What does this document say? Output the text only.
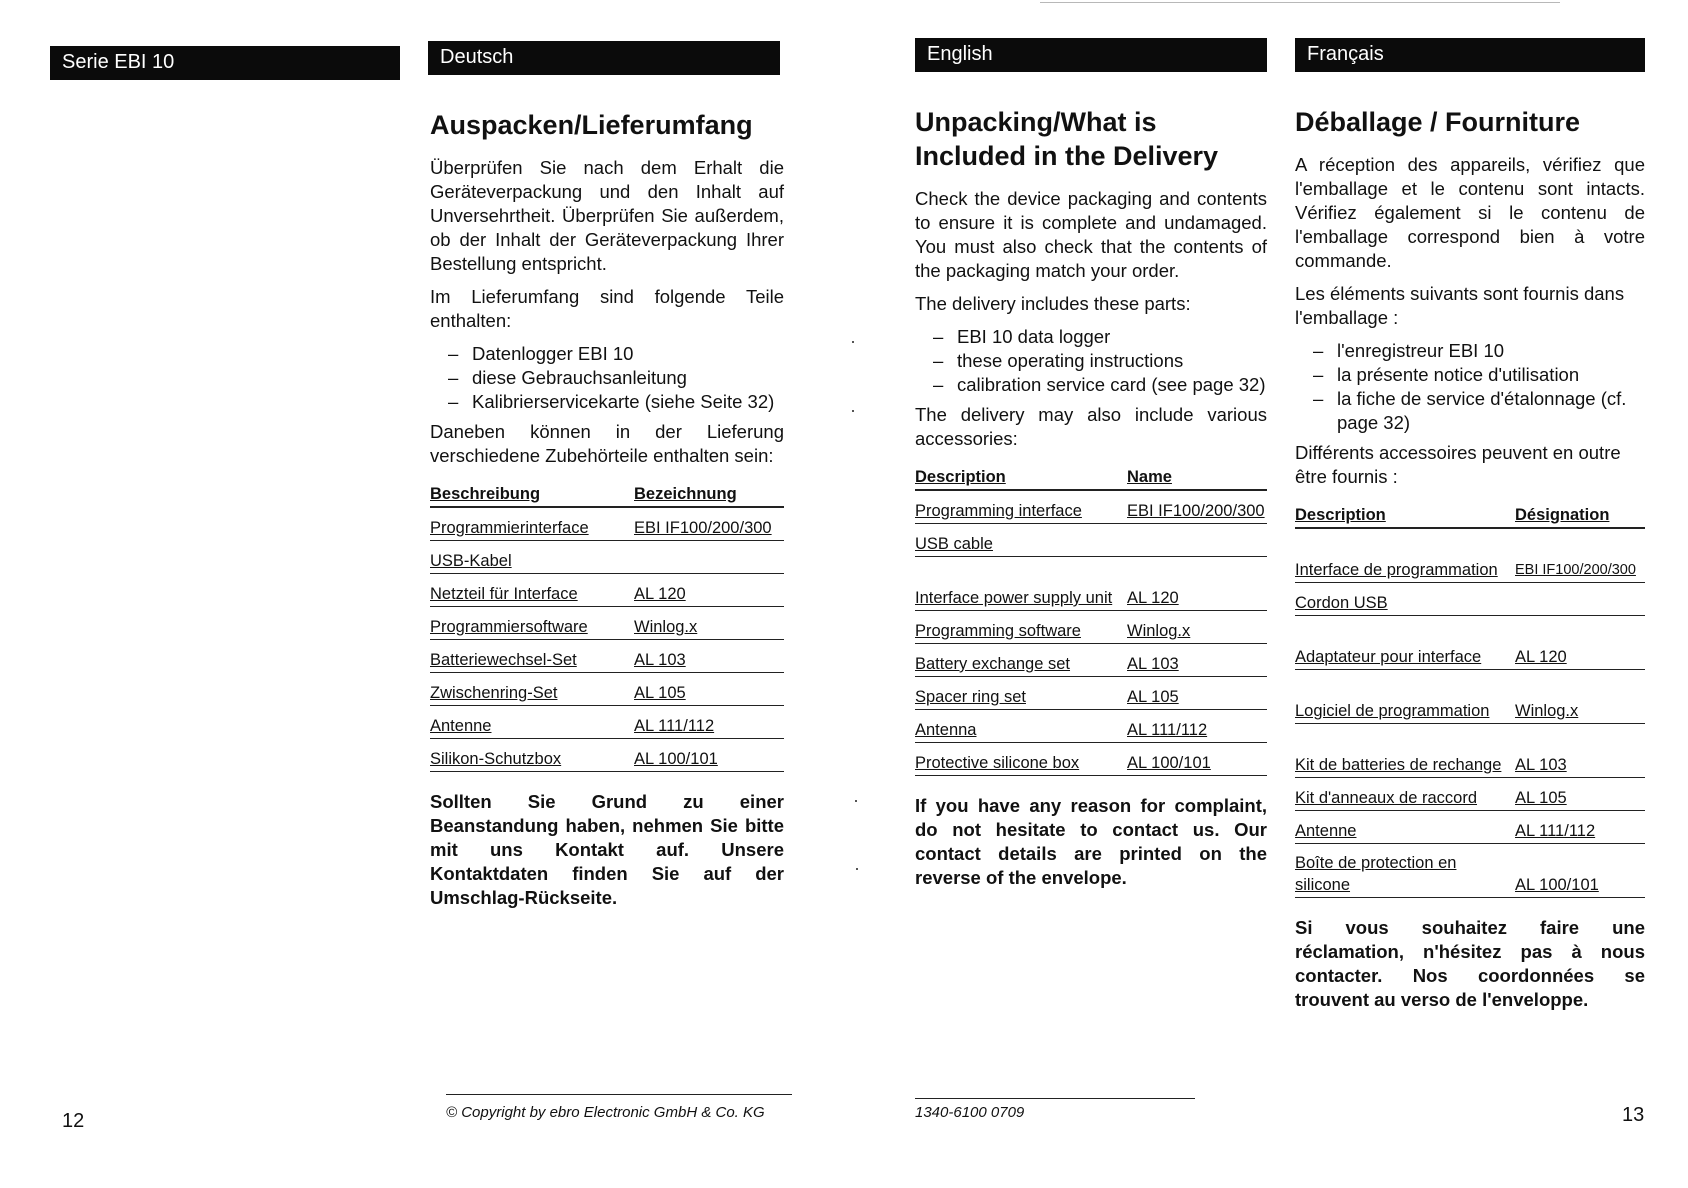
Serie EBI 10	Deutsch
Auspacken/Lieferumfang

Überprüfen Sie nach dem Erhalt die Geräteverpackung und den Inhalt auf Unversehrtheit. Überprüfen Sie außerdem, ob der Inhalt der Geräteverpackung Ihrer Bestellung entspricht.

Im Lieferumfang sind folgende Teile enthalten:

– Datenlogger EBI 10
– diese Gebrauchsanleitung
– Kalibrierservicekarte (siehe Seite 32)

Daneben können in der Lieferung verschiedene Zubehörteile enthalten sein:

Beschreibung	Bezeichnung
Programmierinterface	EBI IF100/200/300
USB-Kabel
Netzteil für Interface	AL 120
Programmiersoftware	Winlog.x
Batteriewechsel-Set	AL 103
Zwischenring-Set	AL 105
Antenne	AL 111/112
Silikon-Schutzbox	AL 100/101

Sollten Sie Grund zu einer Beanstandung haben, nehmen Sie bitte mit uns Kontakt auf. Unsere Kontaktdaten finden Sie auf der Umschlag-Rückseite.

© Copyright by ebro Electronic GmbH & Co. KG
12
English
Unpacking/What is Included in the Delivery

Check the device packaging and contents to ensure it is complete and undamaged. You must also check that the contents of the packaging match your order.

The delivery includes these parts:

– EBI 10 data logger
– these operating instructions
– calibration service card (see page 32)

The delivery may also include various accessories:

Description	Name
Programming interface	EBI IF100/200/300
USB cable
Interface power supply unit AL 120
Programming software	Winlog.x
Battery exchange set	AL 103
Spacer ring set	AL 105
Antenna	AL 111/112
Protective silicone box	AL 100/101

If you have any reason for complaint, do not hesitate to contact us. Our contact details are printed on the reverse of the envelope.

1340-6100 0709
Français
Déballage / Fourniture

A réception des appareils, vérifiez que l'emballage et le contenu sont intacts. Vérifiez également si le contenu de l'emballage correspond bien à votre commande.

Les éléments suivants sont fournis dans l'emballage :

– l'enregistreur EBI 10
– la présente notice d'utilisation
– la fiche de service d'étalonnage (cf. page 32)

Différents accessoires peuvent en outre être fournis :

Description	Désignation
Interface de programmation	EBI IF100/200/300
Cordon USB
Adaptateur pour interface	AL 120
Logiciel de programmation	Winlog.x
Kit de batteries de rechange AL 103
Kit d'anneaux de raccord	AL 105
Antenne	AL 111/112
Boîte de protection en silicone	AL 100/101

Si vous souhaitez faire une réclamation, n'hésitez pas à nous contacter. Nos coordonnées se trouvent au verso de l'enveloppe.

13
